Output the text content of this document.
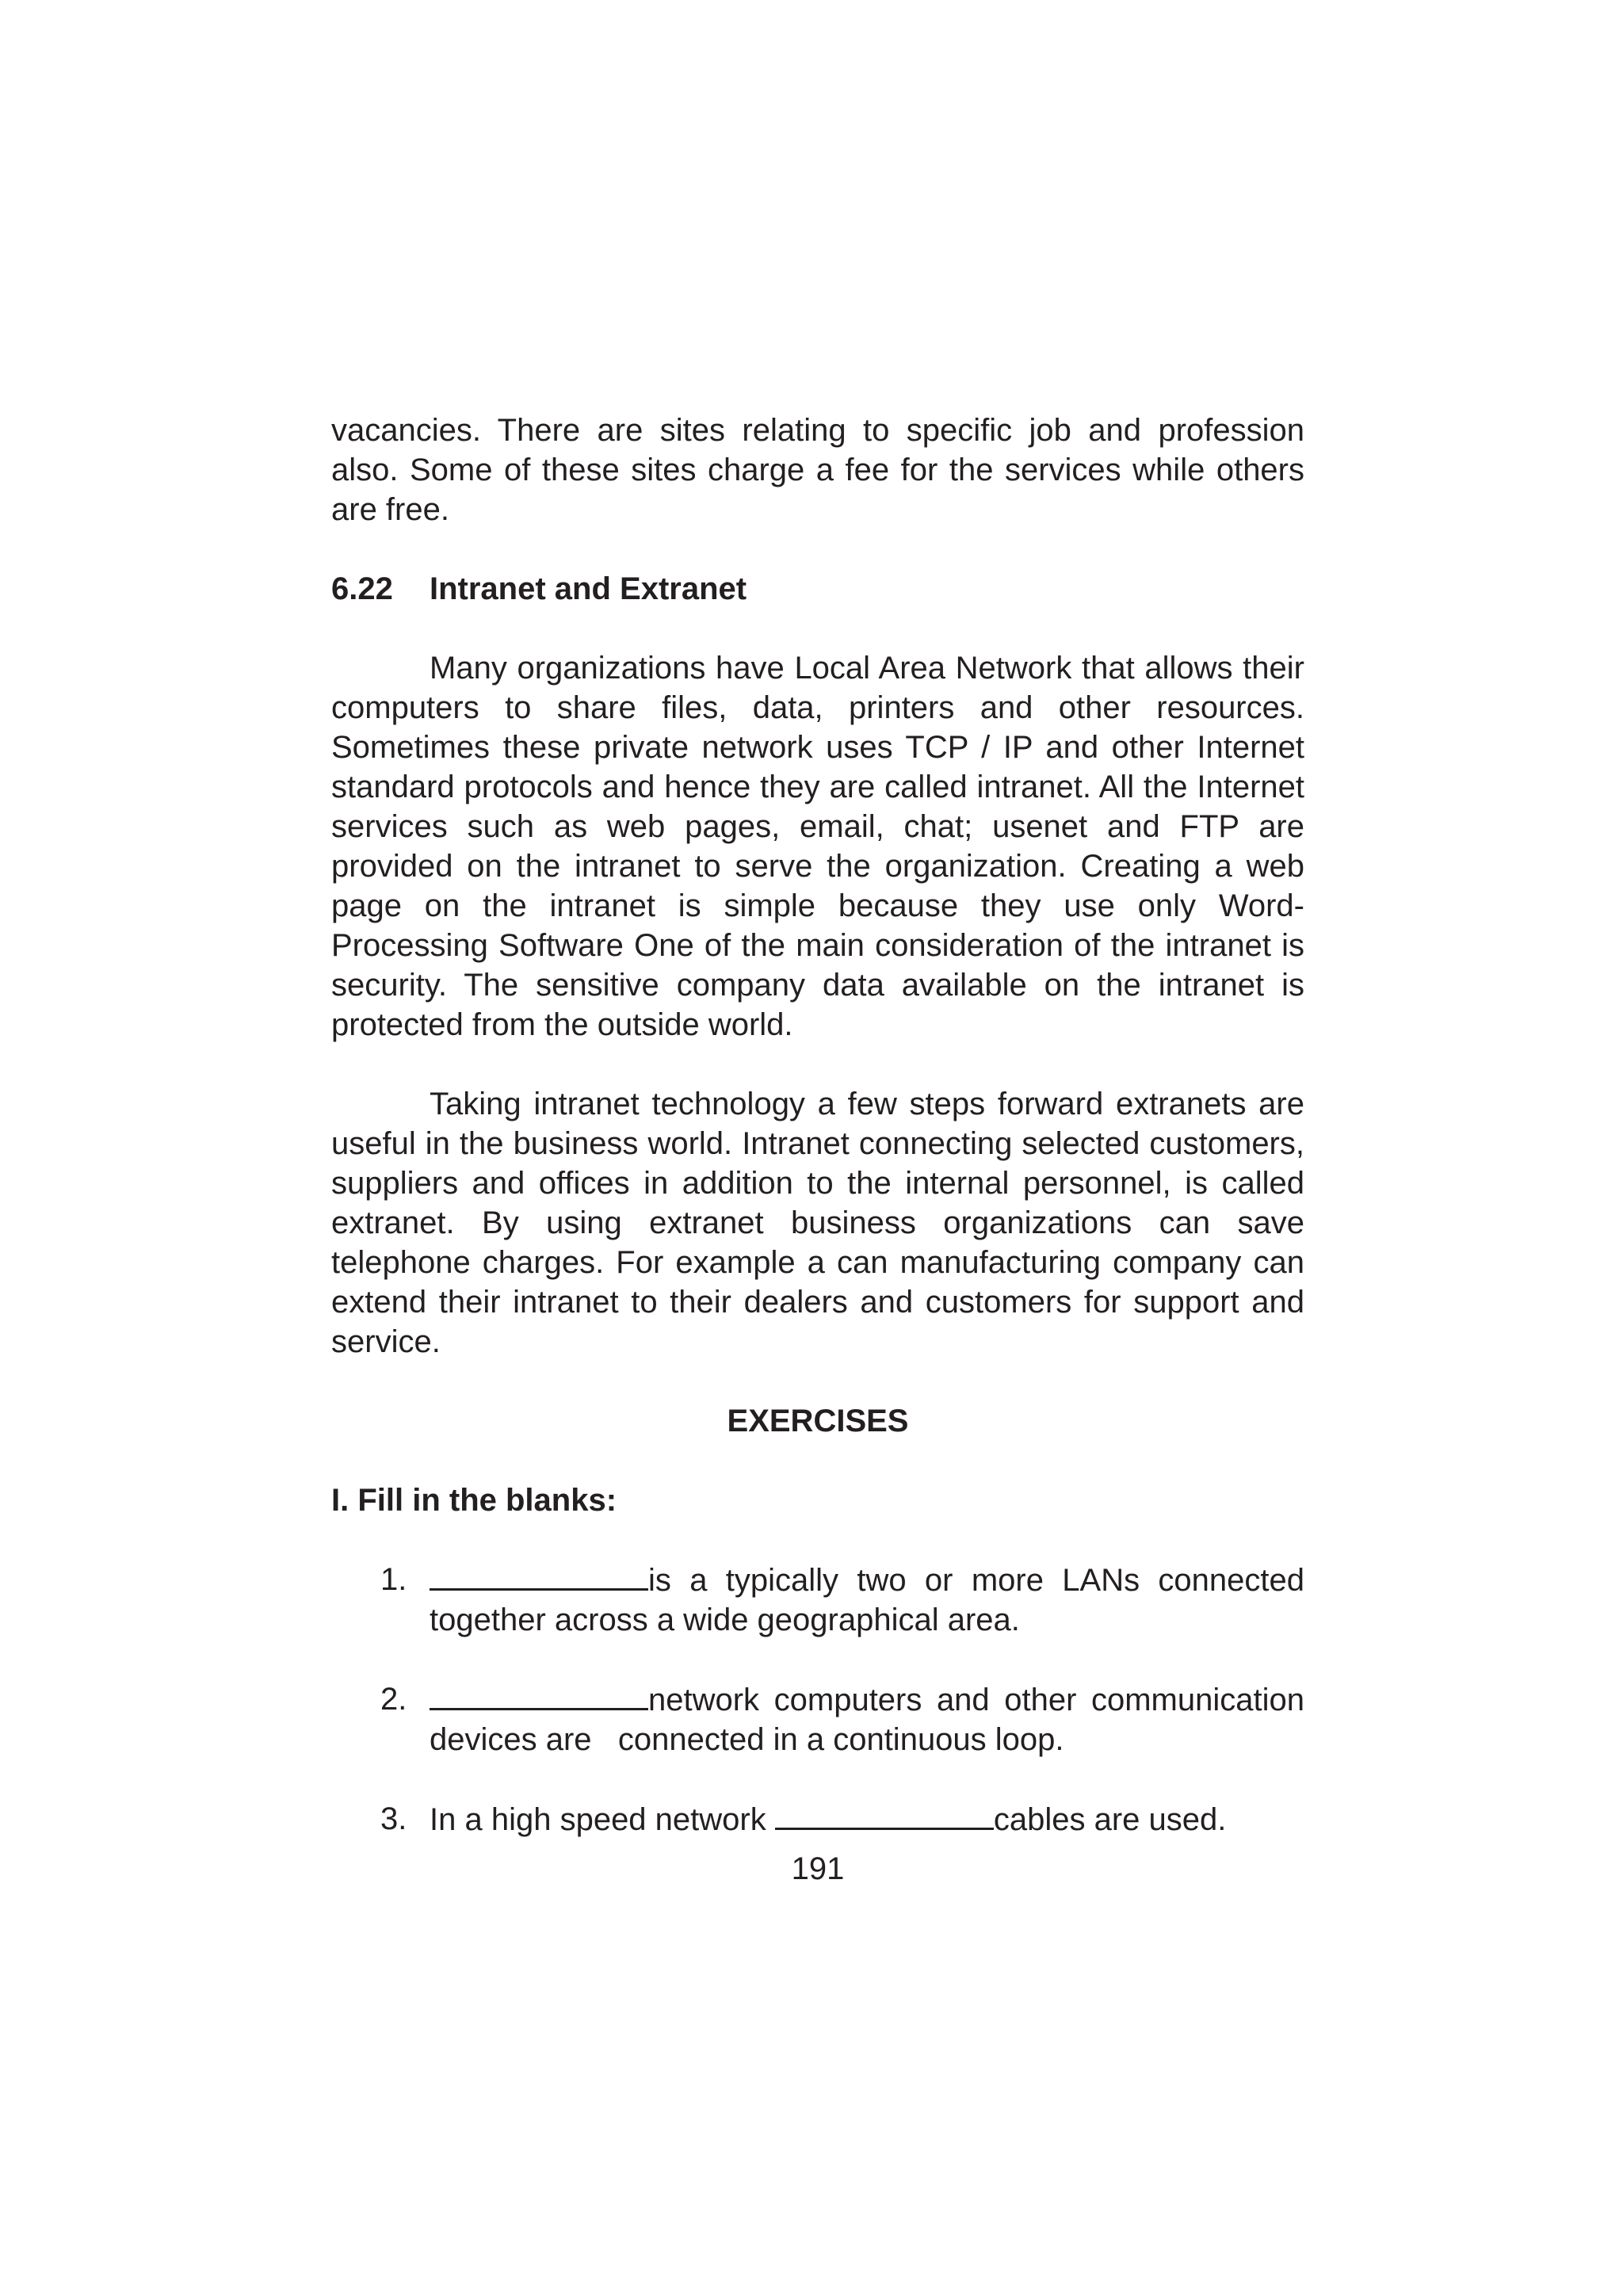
vacancies. There are sites relating to specific job and profession also. Some of these sites charge a fee for the services while others are free.

6.22 Intranet and Extranet

Many organizations have Local Area Network that allows their computers to share files, data, printers and other resources. Sometimes these private network uses TCP / IP and other Internet standard protocols and hence they are called intranet. All the Internet services such as web pages, email, chat; usenet and FTP are provided on the intranet to serve the organization. Creating a web page on the intranet is simple because they use only Word-Processing Software One of the main consideration of the intranet is security. The sensitive company data available on the intranet is protected from the outside world.

Taking intranet technology a few steps forward extranets are useful in the business world. Intranet connecting selected customers, suppliers and offices in addition to the internal personnel, is called extranet. By using extranet business organizations can save telephone charges. For example a can manufacturing company can extend their intranet to their dealers and customers for support and service.

EXERCISES
I. Fill in the blanks:
1.	is a typically two or more LANs connected together across a wide geographical area.
2.	network computers and other communication devices are   connected in a continuous loop.
3. In a high speed network	cables are used.
191
